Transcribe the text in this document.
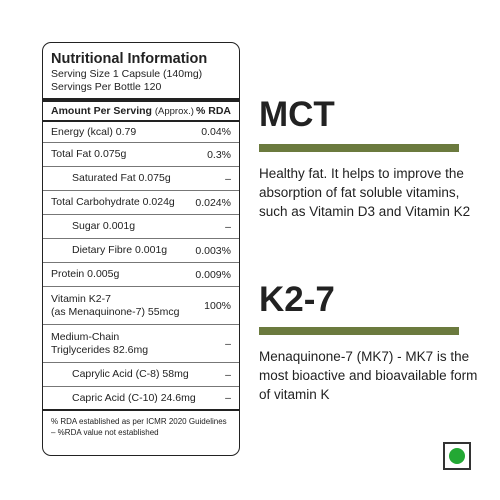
Nutritional Information
Serving Size 1 Capsule (140mg)
Servings Per Bottle 120
Amount Per Serving (Approx.) % RDA
Energy (kcal) 0.79	0.04%
Total Fat 0.075g	0.3%
Saturated Fat 0.075g	–
Total Carbohydrate 0.024g 0.024%
Sugar 0.001g	–
Dietary Fibre 0.001g	0.003%
Protein 0.005g	0.009%
Vitamin K2-7
(as Menaquinone-7) 55mcg 100%
Medium-Chain
Triglycerides 82.6mg	–
Caprylic Acid (C-8) 58mg	–
Capric Acid (C-10) 24.6mg	–
% RDA established as per ICMR 2020 Guidelines
– %RDA value not established
MCT
Healthy fat. It helps to improve the absorption of fat soluble vitamins, such as Vitamin D3 and Vitamin K2
K2-7
Menaquinone-7 (MK7) - MK7 is the most bioactive and bioavailable form of vitamin K
